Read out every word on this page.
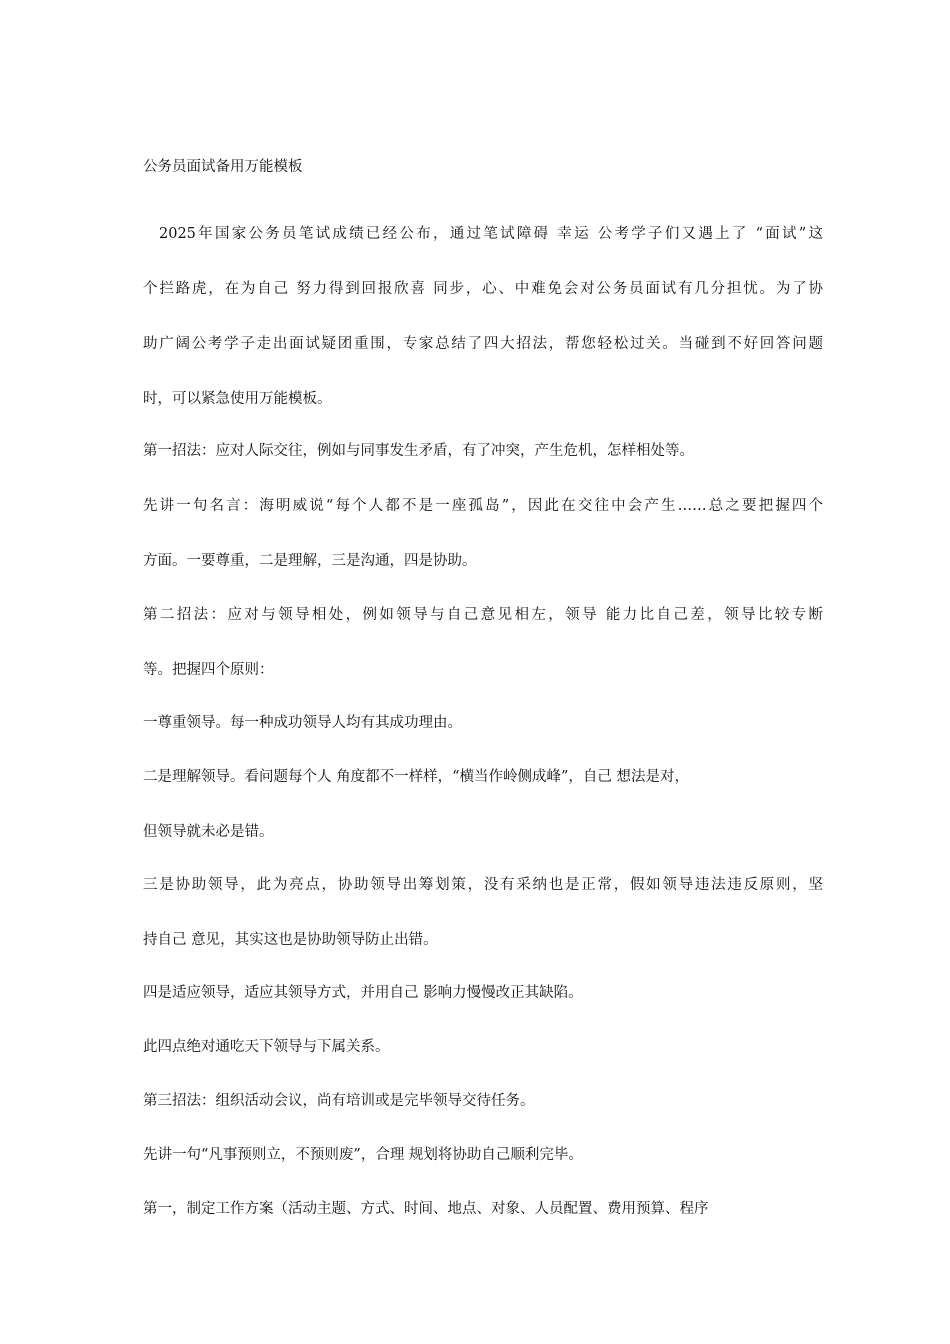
公务员面试备用万能模板
2025年国家公务员笔试成绩已经公布，通过笔试障碍 幸运 公考学子们又遇上了 “面试”这
个拦路虎，在为自己 努力得到回报欣喜 同步，心、中难免会对公务员面试有几分担忧。为了协
助广阔公考学子走出面试疑团重围，专家总结了四大招法，帮您轻松过关。当碰到不好回答问题
时，可以紧急使用万能模板。
第一招法：应对人际交往，例如与同事发生矛盾，有了冲突，产生危机，怎样相处等。
先讲一句名言：海明威说“每个人都不是一座孤岛”，因此在交往中会产生……总之要把握四个
方面。一要尊重，二是理解，三是沟通，四是协助。
第二招法：应对与领导相处，例如领导与自己意见相左，领导 能力比自己差，领导比较专断
等。把握四个原则：
一尊重领导。每一种成功领导人均有其成功理由。
二是理解领导。看问题每个人 角度都不一样样，“横当作岭侧成峰”，自己 想法是对，
但领导就未必是错。
三是协助领导，此为亮点，协助领导出筹划策，没有采纳也是正常，假如领导违法违反原则，坚
持自己 意见，其实这也是协助领导防止出错。
四是适应领导，适应其领导方式，并用自己 影响力慢慢改正其缺陷。
此四点绝对通吃天下领导与下属关系。
第三招法：组织活动会议，尚有培训或是完毕领导交待任务。
先讲一句“凡事预则立，不预则废”，合理 规划将协助自己顺利完毕。
第一，制定工作方案（活动主题、方式、时间、地点、对象、人员配置、费用预算、程序
